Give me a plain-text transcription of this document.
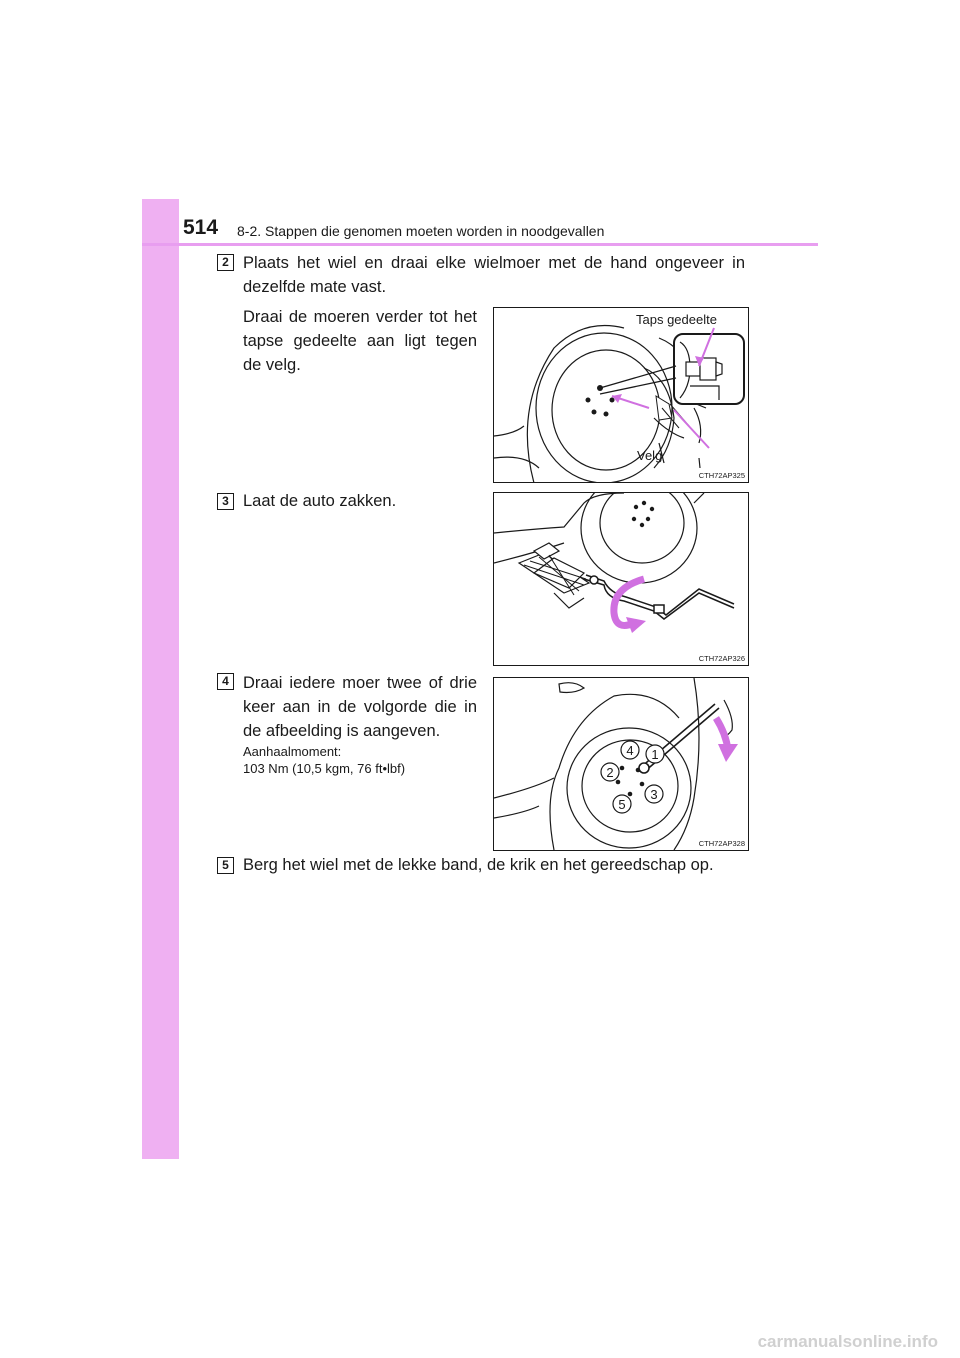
514 8-2. Stappen die genomen moeten worden in noodgevallen
2 Plaats het wiel en draai elke wielmoer met de hand ongeveer in dezelfde mate vast.
Draai de moeren verder tot het tapse gedeelte aan ligt tegen de velg.
Taps gedeelte
Velg
CTH72AP325
3 Laat de auto zakken.
CTH72AP326
4 Draai iedere moer twee of drie keer aan in de volgorde die in de afbeelding is aangeven.
Aanhaalmoment:
103 Nm (10,5 kgm, 76 ft•lbf)
1
2
3
4
5
CTH72AP328
5 Berg het wiel met de lekke band, de krik en het gereedschap op.
carmanualsonline.info
